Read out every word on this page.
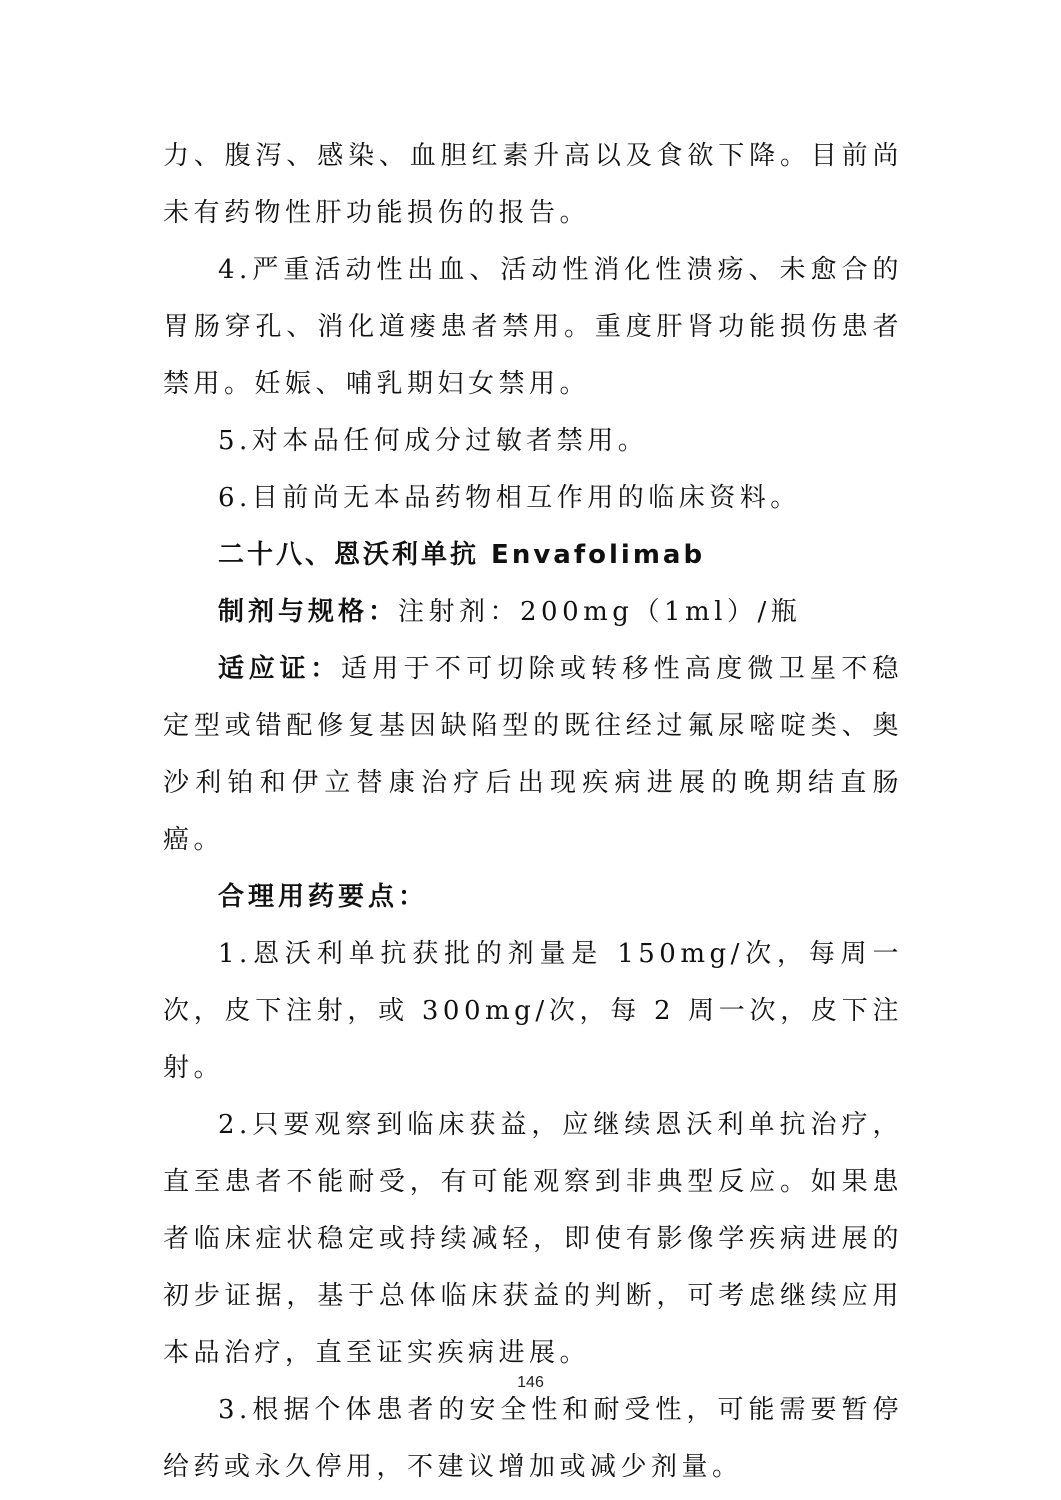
力、腹泻、感染、血胆红素升高以及食欲下降。目前尚未有药物性肝功能损伤的报告。

4.严重活动性出血、活动性消化性溃疡、未愈合的胃肠穿孔、消化道瘘患者禁用。重度肝肾功能损伤患者禁用。妊娠、哺乳期妇女禁用。

5.对本品任何成分过敏者禁用。

6.目前尚无本品药物相互作用的临床资料。

二十八、恩沃利单抗 Envafolimab

制剂与规格：注射剂：200mg（1ml）/瓶

适应证：适用于不可切除或转移性高度微卫星不稳定型或错配修复基因缺陷型的既往经过氟尿嘧啶类、奥沙利铂和伊立替康治疗后出现疾病进展的晚期结直肠癌。

合理用药要点：

1.恩沃利单抗获批的剂量是 150mg/次，每周一次，皮下注射，或 300mg/次，每 2 周一次，皮下注射。

2.只要观察到临床获益，应继续恩沃利单抗治疗，直至患者不能耐受，有可能观察到非典型反应。如果患者临床症状稳定或持续减轻，即使有影像学疾病进展的初步证据，基于总体临床获益的判断，可考虑继续应用本品治疗，直至证实疾病进展。

3.根据个体患者的安全性和耐受性，可能需要暂停给药或永久停用，不建议增加或减少剂量。

146
